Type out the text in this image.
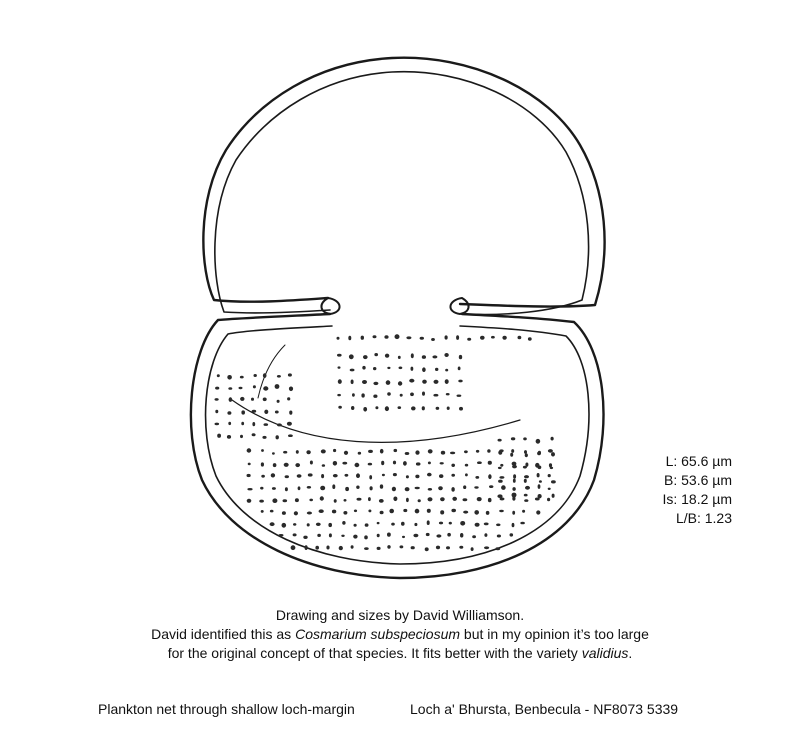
L: 65.6 µm
B: 53.6 µm
Is: 18.2 µm
L/B: 1.23
Drawing and sizes by David Williamson.
David identified this as Cosmarium subspeciosum but in my opinion it’s too large
for the original concept of that species. It fits better with the variety validius.
Plankton net through shallow loch-margin	Loch a' Bhursta, Benbecula - NF8073 5339
